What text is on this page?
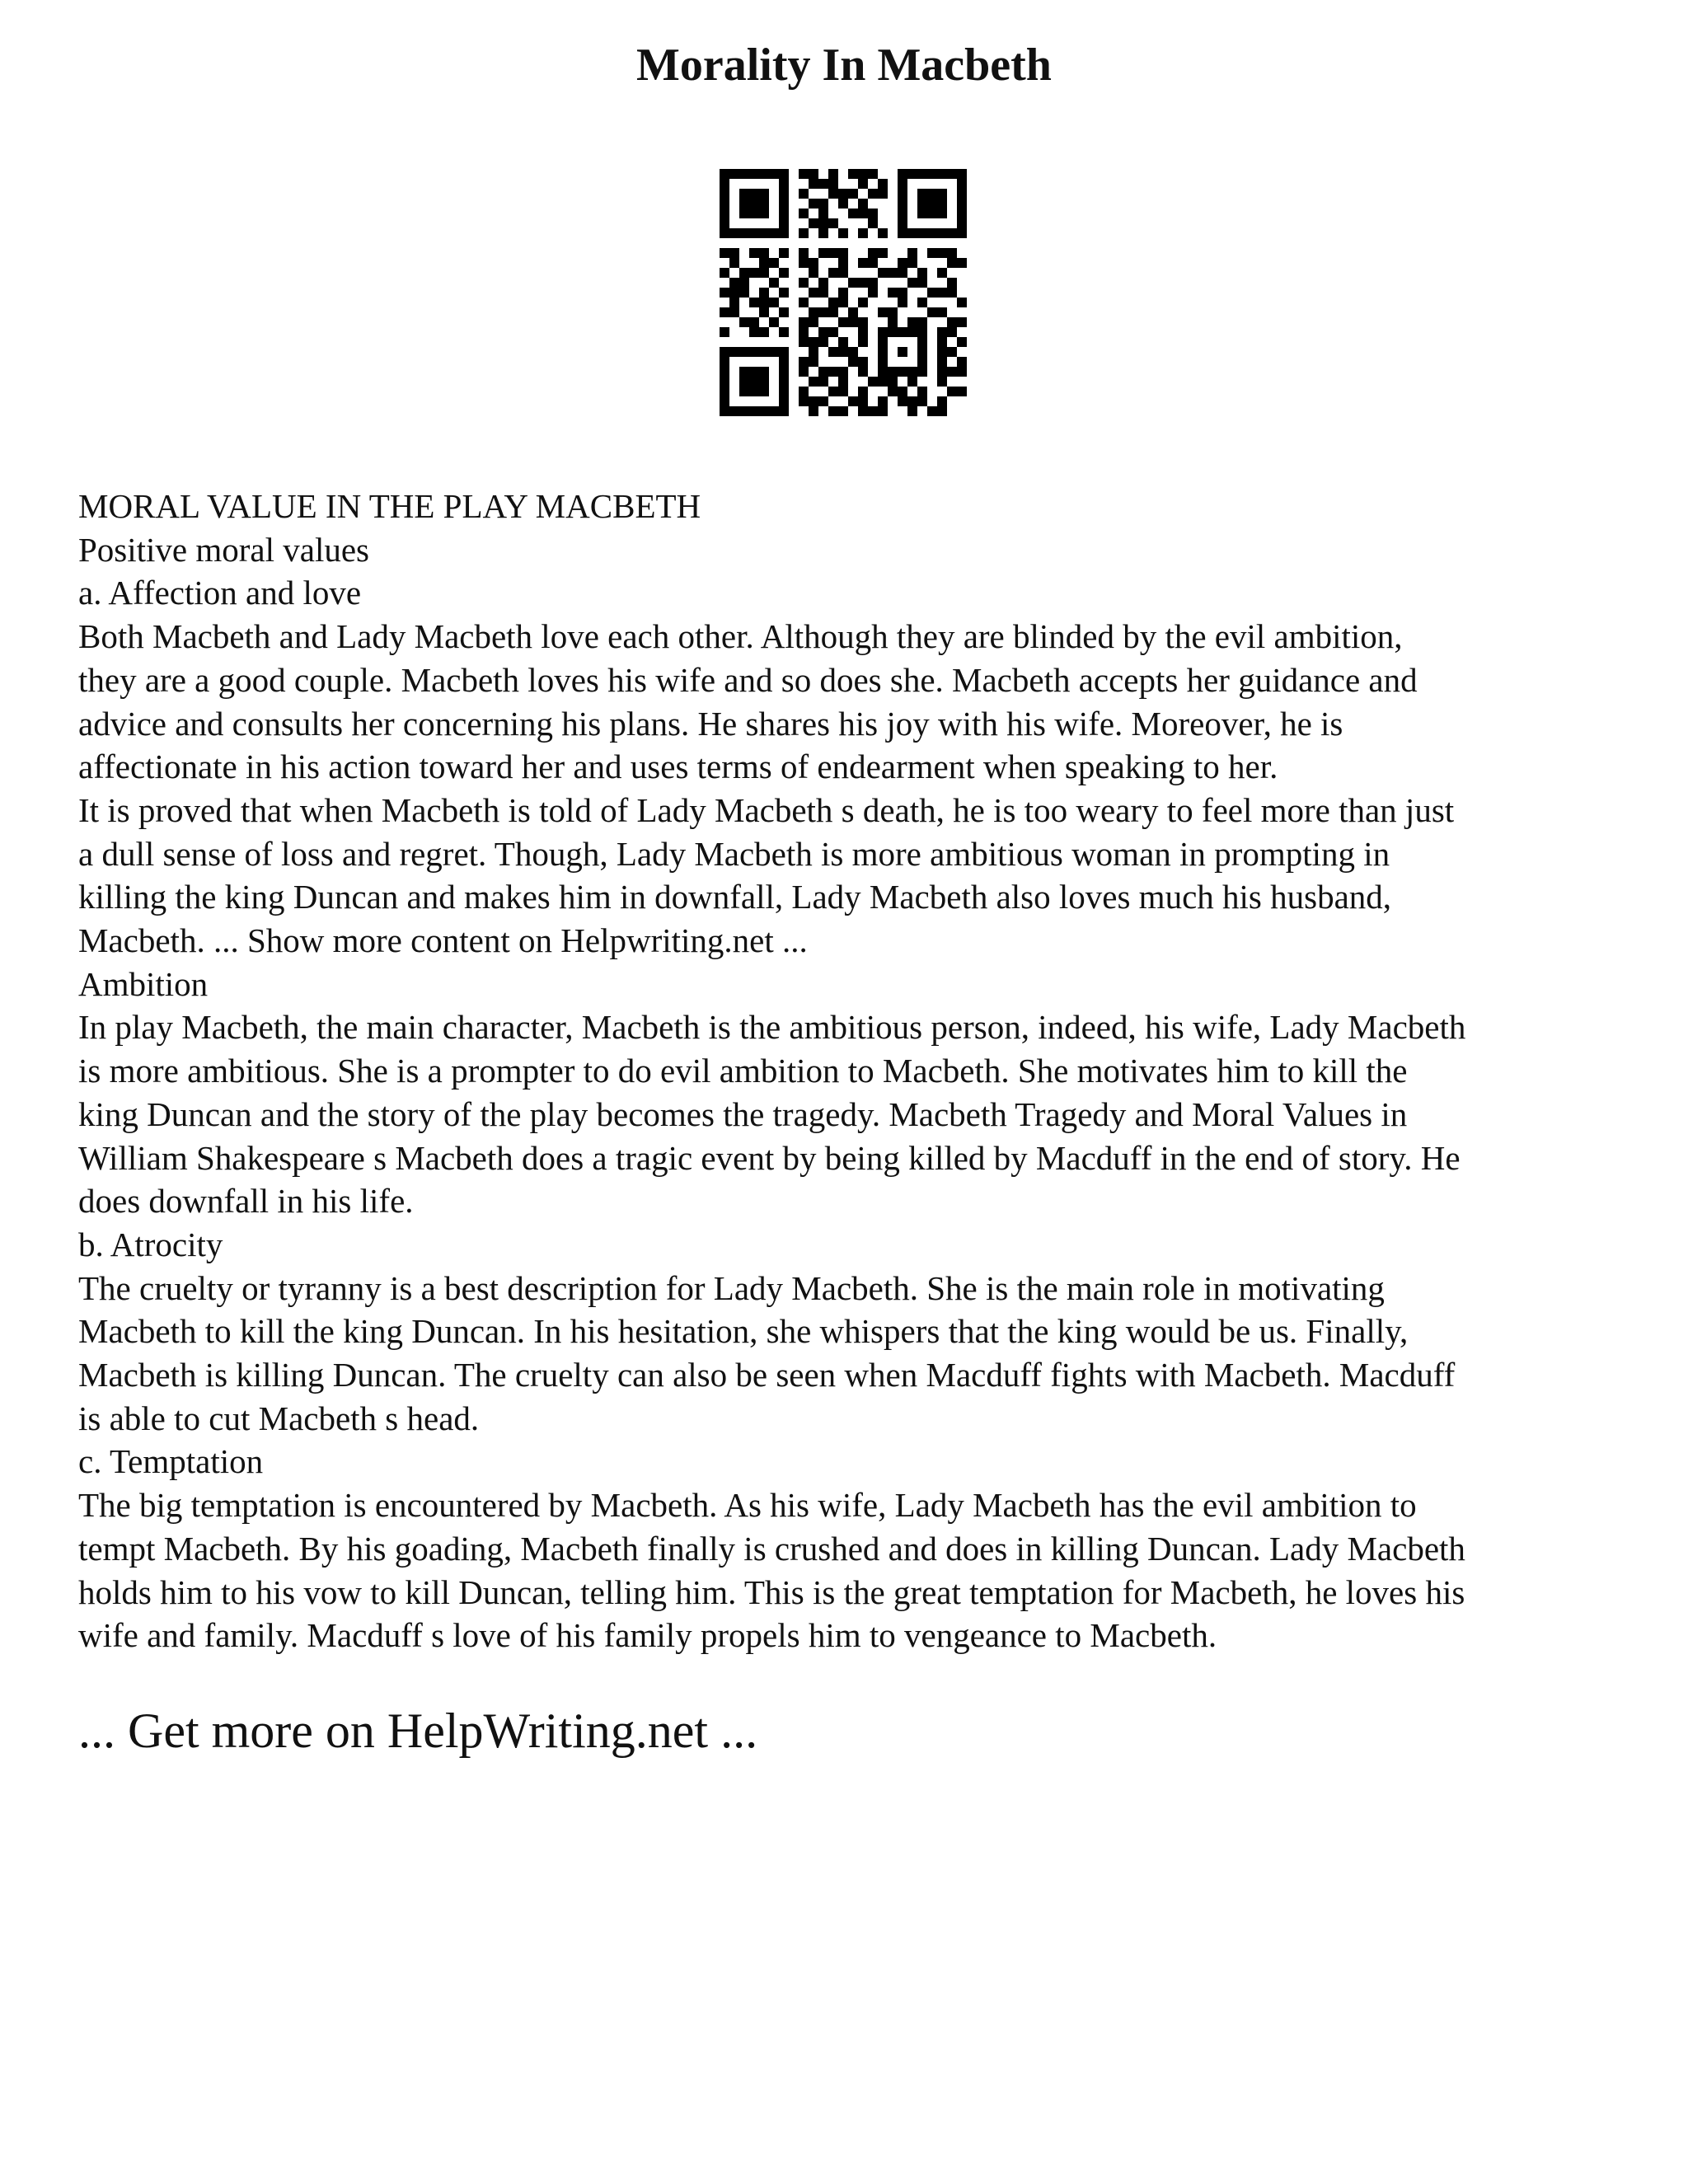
Morality In Macbeth

MORAL VALUE IN THE PLAY MACBETH

Positive moral values

a. Affection and love

Both Macbeth and Lady Macbeth love each other. Although they are blinded by the evil ambition,

they are a good couple. Macbeth loves his wife and so does she. Macbeth accepts her guidance and

advice and consults her concerning his plans. He shares his joy with his wife. Moreover, he is

affectionate in his action toward her and uses terms of endearment when speaking to her.

It is proved that when Macbeth is told of Lady Macbeth s death, he is too weary to feel more than just

a dull sense of loss and regret. Though, Lady Macbeth is more ambitious woman in prompting in

killing the king Duncan and makes him in downfall, Lady Macbeth also loves much his husband,

Macbeth. ... Show more content on Helpwriting.net ...

Ambition

In play Macbeth, the main character, Macbeth is the ambitious person, indeed, his wife, Lady Macbeth

is more ambitious. She is a prompter to do evil ambition to Macbeth. She motivates him to kill the

king Duncan and the story of the play becomes the tragedy. Macbeth Tragedy and Moral Values in

William Shakespeare s Macbeth does a tragic event by being killed by Macduff in the end of story. He

does downfall in his life.

b. Atrocity

The cruelty or tyranny is a best description for Lady Macbeth. She is the main role in motivating

Macbeth to kill the king Duncan. In his hesitation, she whispers that the king would be us. Finally,

Macbeth is killing Duncan. The cruelty can also be seen when Macduff fights with Macbeth. Macduff

is able to cut Macbeth s head.

c. Temptation

The big temptation is encountered by Macbeth. As his wife, Lady Macbeth has the evil ambition to

tempt Macbeth. By his goading, Macbeth finally is crushed and does in killing Duncan. Lady Macbeth

holds him to his vow to kill Duncan, telling him. This is the great temptation for Macbeth, he loves his

wife and family. Macduff s love of his family propels him to vengeance to Macbeth.

... Get more on HelpWriting.net ...
